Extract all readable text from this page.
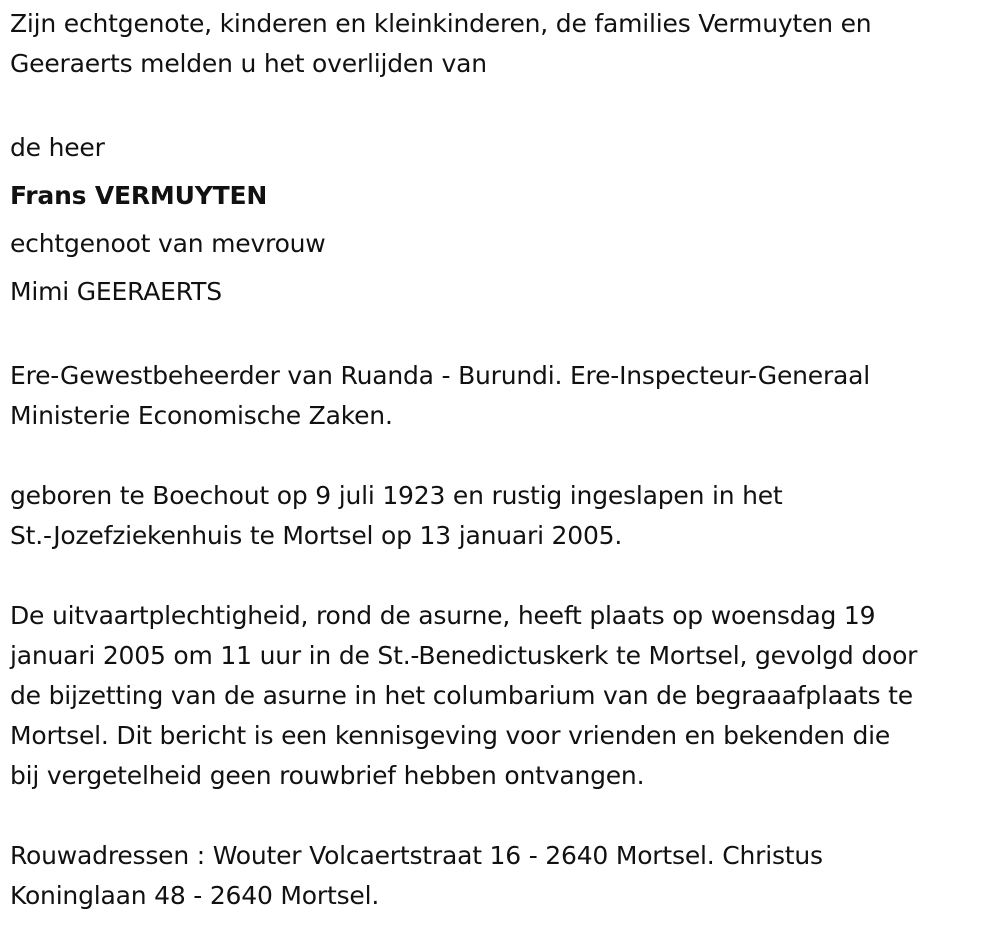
Zijn echtgenote, kinderen en kleinkinderen, de families Vermuyten en
Geeraerts melden u het overlijden van

de heer
Frans VERMUYTEN
echtgenoot van mevrouw
Mimi GEERAERTS

Ere-Gewestbeheerder van Ruanda - Burundi. Ere-Inspecteur-Generaal
Ministerie Economische Zaken.

geboren te Boechout op 9 juli 1923 en rustig ingeslapen in het
St.-Jozefziekenhuis te Mortsel op 13 januari 2005.

De uitvaartplechtigheid, rond de asurne, heeft plaats op woensdag 19
januari 2005 om 11 uur in de St.-Benedictuskerk te Mortsel, gevolgd door
de bijzetting van de asurne in het columbarium van de begraaafplaats te
Mortsel. Dit bericht is een kennisgeving voor vrienden en bekenden die
bij vergetelheid geen rouwbrief hebben ontvangen.

Rouwadressen : Wouter Volcaertstraat 16 - 2640 Mortsel. Christus
Koninglaan 48 - 2640 Mortsel.
